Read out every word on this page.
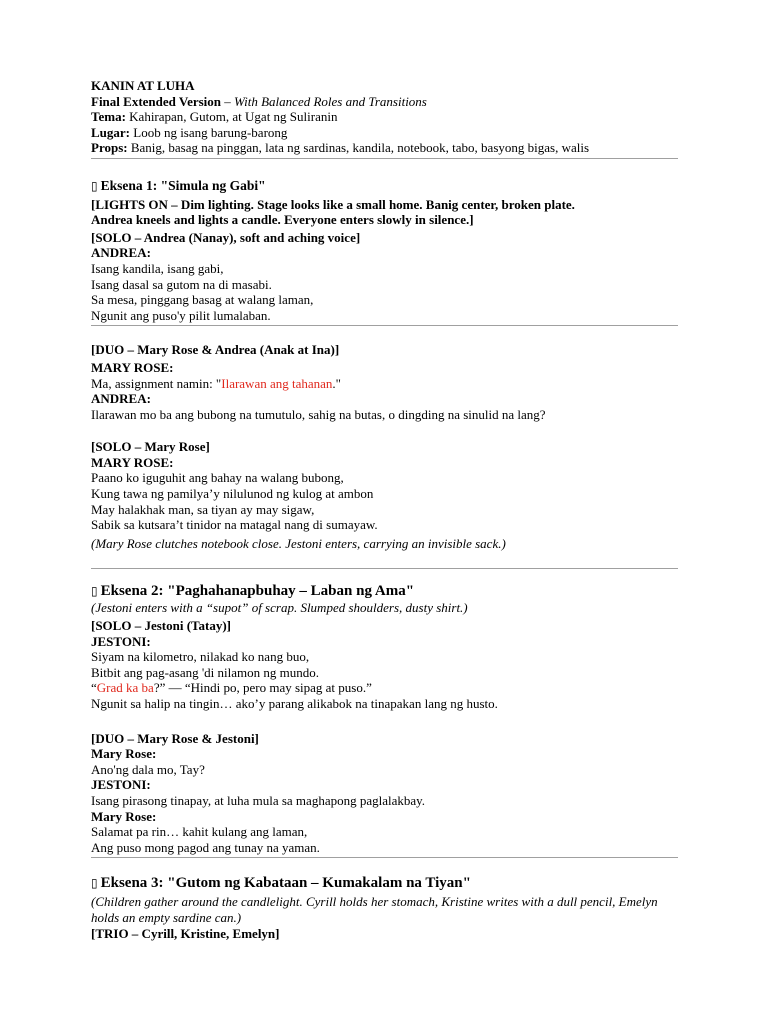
KANIN AT LUHA
Final Extended Version – With Balanced Roles and Transitions
Tema: Kahirapan, Gutom, at Ugat ng Suliranin
Lugar: Loob ng isang barung-barong
Props: Banig, basag na pinggan, lata ng sardinas, kandila, notebook, tabo, basyong bigas, walis
▯ Eksena 1: "Simula ng Gabi"
[LIGHTS ON – Dim lighting. Stage looks like a small home. Banig center, broken plate.
Andrea kneels and lights a candle. Everyone enters slowly in silence.]
[SOLO – Andrea (Nanay), soft and aching voice]
ANDREA:
Isang kandila, isang gabi,
Isang dasal sa gutom na di masabi.
Sa mesa, pinggang basag at walang laman,
Ngunit ang puso'y pilit lumalaban.
[DUO – Mary Rose & Andrea (Anak at Ina)]
MARY ROSE:
Ma, assignment namin: "Ilarawan ang tahanan."
ANDREA:
Ilarawan mo ba ang bubong na tumutulo, sahig na butas, o dingding na sinulid na lang?
[SOLO – Mary Rose]
MARY ROSE:
Paano ko iguguhit ang bahay na walang bubong,
Kung tawa ng pamilya’y nilulunod ng kulog at ambon
May halakhak man, sa tiyan ay may sigaw,
Sabik sa kutsara’t tinidor na matagal nang di sumayaw.
(Mary Rose clutches notebook close. Jestoni enters, carrying an invisible sack.)
▯ Eksena 2: "Paghahanapbuhay – Laban ng Ama"
(Jestoni enters with a “supot” of scrap. Slumped shoulders, dusty shirt.)
[SOLO – Jestoni (Tatay)]
JESTONI:
Siyam na kilometro, nilakad ko nang buo,
Bitbit ang pag-asang 'di nilamon ng mundo.
“Grad ka ba?” — “Hindi po, pero may sipag at puso.”
Ngunit sa halip na tingin… ako’y parang alikabok na tinapakan lang ng husto.
[DUO – Mary Rose & Jestoni]
Mary Rose:
Ano'ng dala mo, Tay?
JESTONI:
Isang pirasong tinapay, at luha mula sa maghapong paglalakbay.
Mary Rose:
Salamat pa rin… kahit kulang ang laman,
Ang puso mong pagod ang tunay na yaman.
▯ Eksena 3: "Gutom ng Kabataan – Kumakalam na Tiyan"
(Children gather around the candlelight. Cyrill holds her stomach, Kristine writes with a dull pencil, Emelyn holds an empty sardine can.)
[TRIO – Cyrill, Kristine, Emelyn]
